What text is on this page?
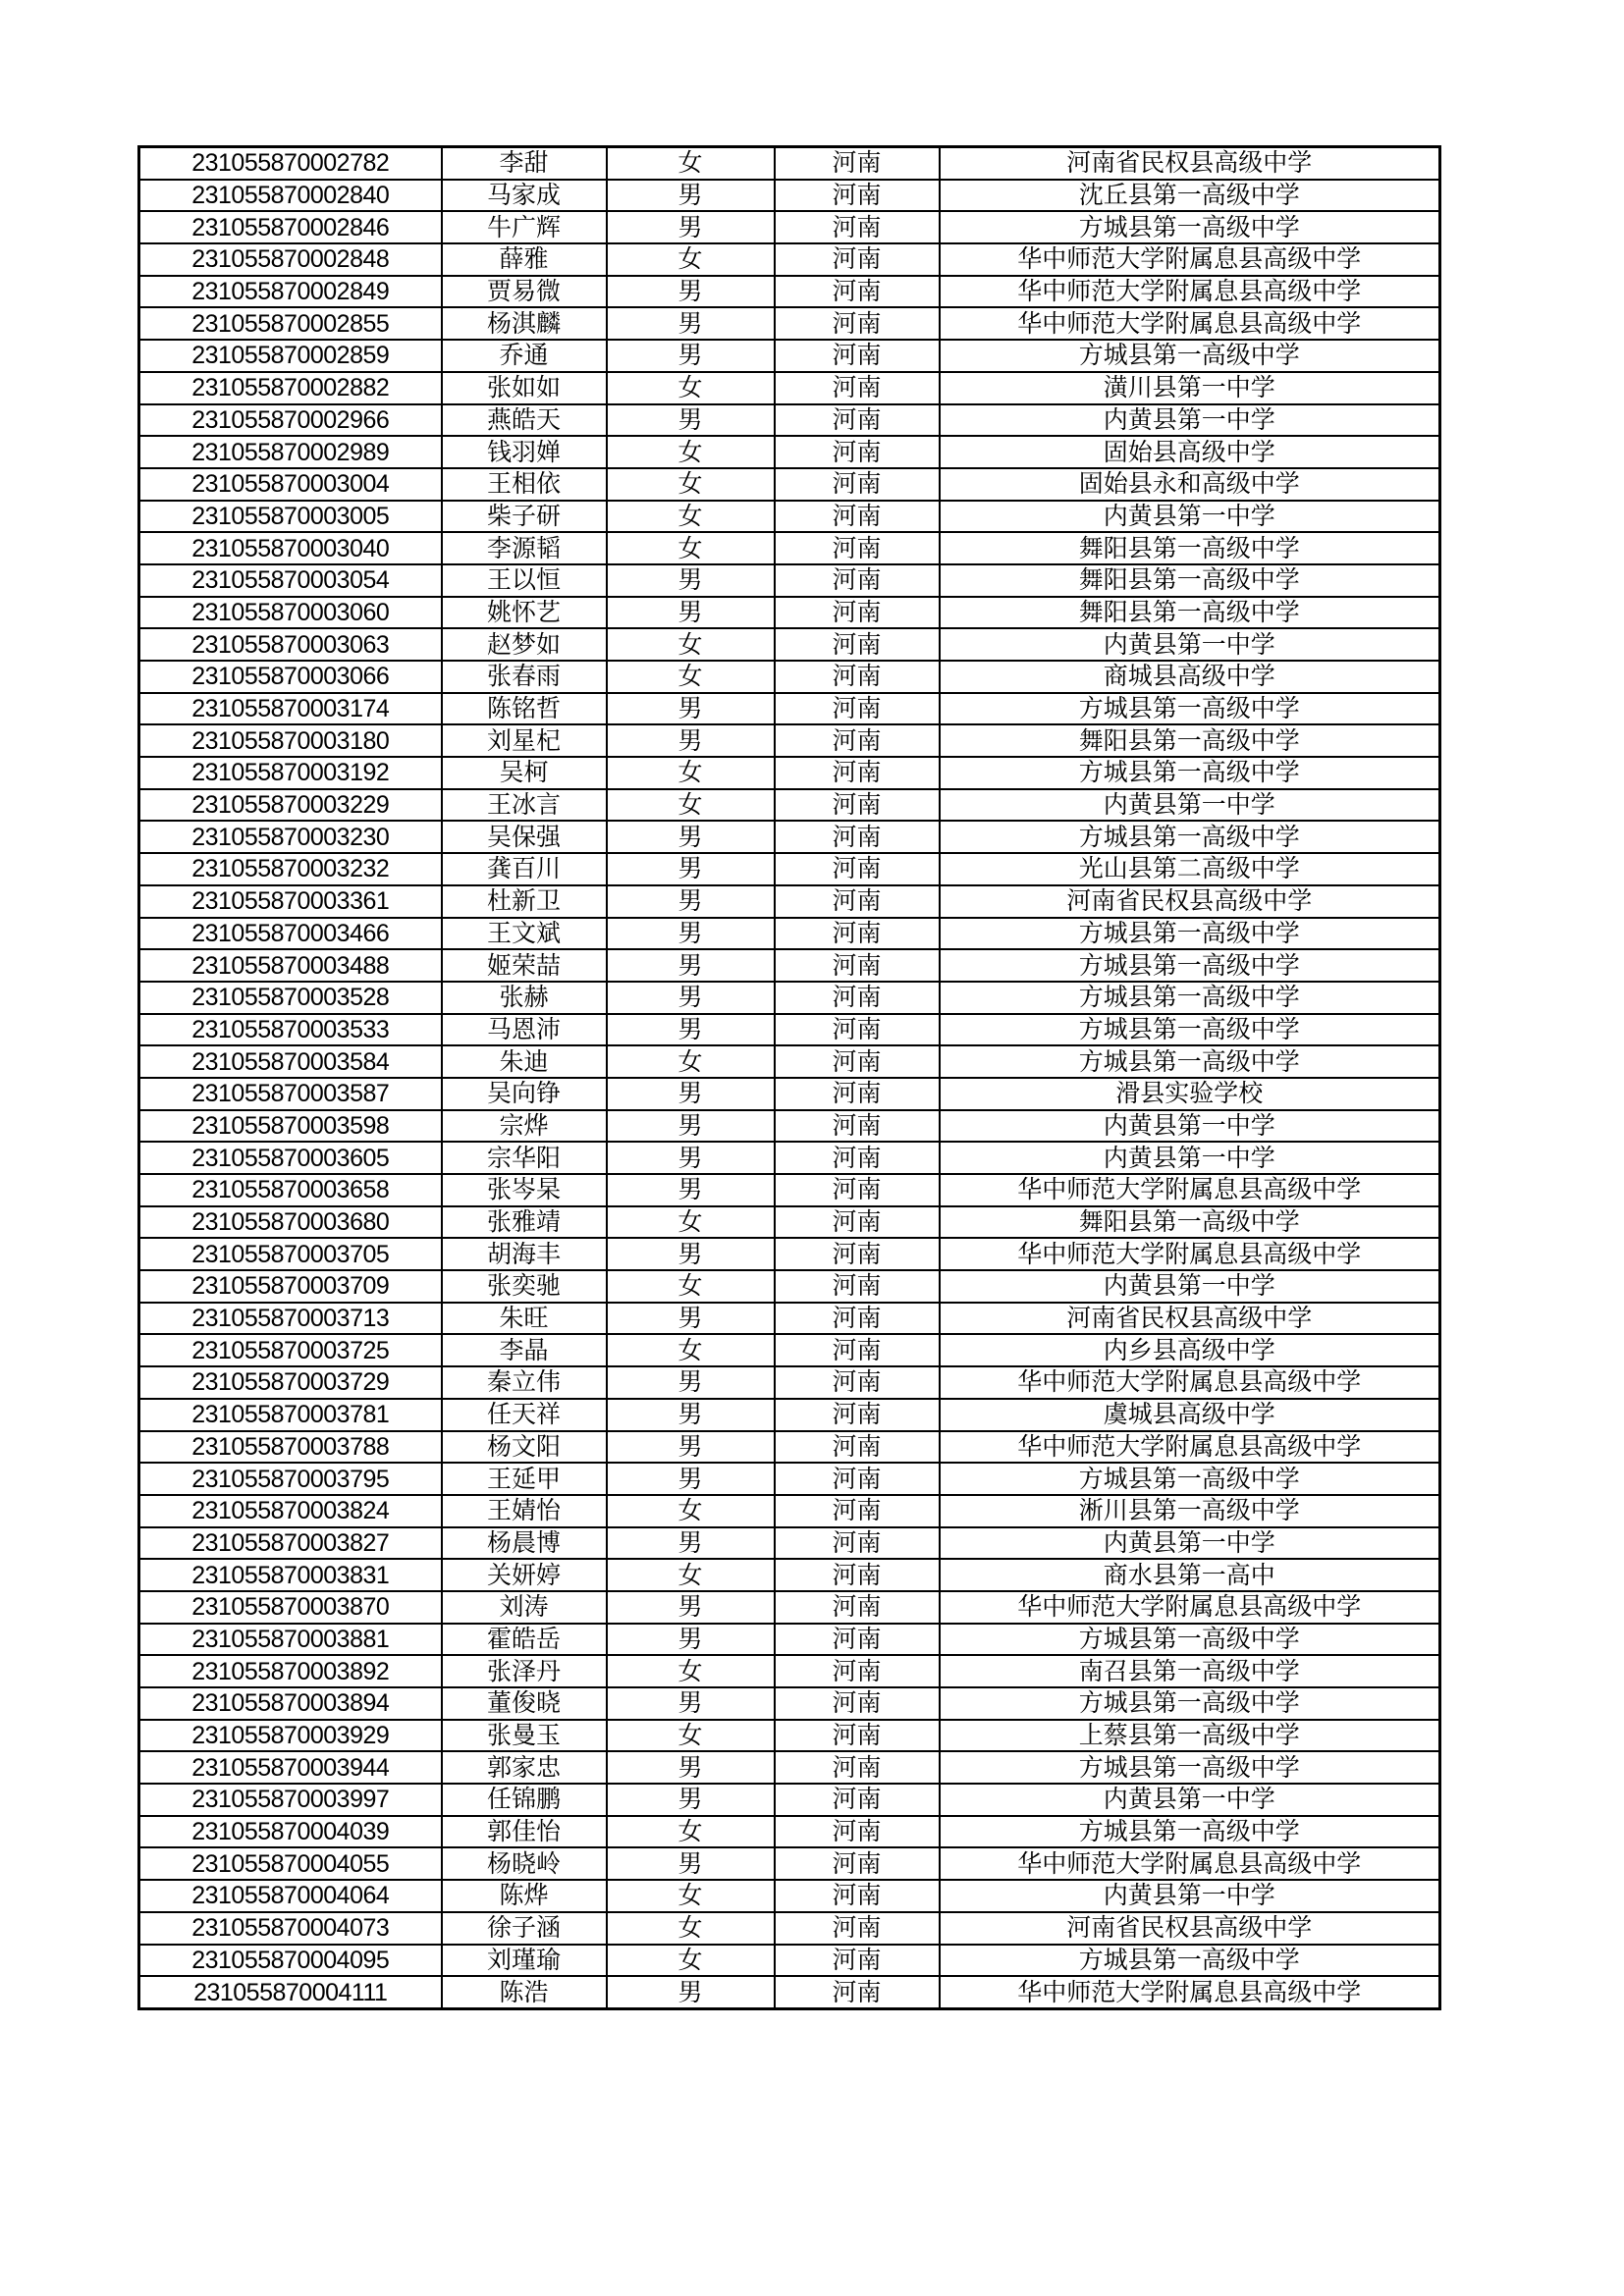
231055870002782	李甜	女	河南	河南省民权县高级中学
231055870002840	马家成	男	河南	沈丘县第一高级中学
231055870002846	牛广辉	男	河南	方城县第一高级中学
231055870002848	薛雅	女	河南	华中师范大学附属息县高级中学
231055870002849	贾易微	男	河南	华中师范大学附属息县高级中学
231055870002855	杨淇麟	男	河南	华中师范大学附属息县高级中学
231055870002859	乔通	男	河南	方城县第一高级中学
231055870002882	张如如	女	河南	潢川县第一中学
231055870002966	燕皓天	男	河南	内黄县第一中学
231055870002989	钱羽婵	女	河南	固始县高级中学
231055870003004	王相依	女	河南	固始县永和高级中学
231055870003005	柴子研	女	河南	内黄县第一中学
231055870003040	李源韬	女	河南	舞阳县第一高级中学
231055870003054	王以恒	男	河南	舞阳县第一高级中学
231055870003060	姚怀艺	男	河南	舞阳县第一高级中学
231055870003063	赵梦如	女	河南	内黄县第一中学
231055870003066	张春雨	女	河南	商城县高级中学
231055870003174	陈铭哲	男	河南	方城县第一高级中学
231055870003180	刘星杞	男	河南	舞阳县第一高级中学
231055870003192	吴柯	女	河南	方城县第一高级中学
231055870003229	王冰言	女	河南	内黄县第一中学
231055870003230	吴保强	男	河南	方城县第一高级中学
231055870003232	龚百川	男	河南	光山县第二高级中学
231055870003361	杜新卫	男	河南	河南省民权县高级中学
231055870003466	王文斌	男	河南	方城县第一高级中学
231055870003488	姬荣喆	男	河南	方城县第一高级中学
231055870003528	张赫	男	河南	方城县第一高级中学
231055870003533	马恩沛	男	河南	方城县第一高级中学
231055870003584	朱迪	女	河南	方城县第一高级中学
231055870003587	吴向铮	男	河南	滑县实验学校
231055870003598	宗烨	男	河南	内黄县第一中学
231055870003605	宗华阳	男	河南	内黄县第一中学
231055870003658	张岑杲	男	河南	华中师范大学附属息县高级中学
231055870003680	张雅靖	女	河南	舞阳县第一高级中学
231055870003705	胡海丰	男	河南	华中师范大学附属息县高级中学
231055870003709	张奕驰	女	河南	内黄县第一中学
231055870003713	朱旺	男	河南	河南省民权县高级中学
231055870003725	李晶	女	河南	内乡县高级中学
231055870003729	秦立伟	男	河南	华中师范大学附属息县高级中学
231055870003781	任天祥	男	河南	虞城县高级中学
231055870003788	杨文阳	男	河南	华中师范大学附属息县高级中学
231055870003795	王延甲	男	河南	方城县第一高级中学
231055870003824	王婧怡	女	河南	淅川县第一高级中学
231055870003827	杨晨博	男	河南	内黄县第一中学
231055870003831	关妍婷	女	河南	商水县第一高中
231055870003870	刘涛	男	河南	华中师范大学附属息县高级中学
231055870003881	霍皓岳	男	河南	方城县第一高级中学
231055870003892	张泽丹	女	河南	南召县第一高级中学
231055870003894	董俊晓	男	河南	方城县第一高级中学
231055870003929	张曼玉	女	河南	上蔡县第一高级中学
231055870003944	郭家忠	男	河南	方城县第一高级中学
231055870003997	任锦鹏	男	河南	内黄县第一中学
231055870004039	郭佳怡	女	河南	方城县第一高级中学
231055870004055	杨晓岭	男	河南	华中师范大学附属息县高级中学
231055870004064	陈烨	女	河南	内黄县第一中学
231055870004073	徐子涵	女	河南	河南省民权县高级中学
231055870004095	刘瑾瑜	女	河南	方城县第一高级中学
231055870004111	陈浩	男	河南	华中师范大学附属息县高级中学
